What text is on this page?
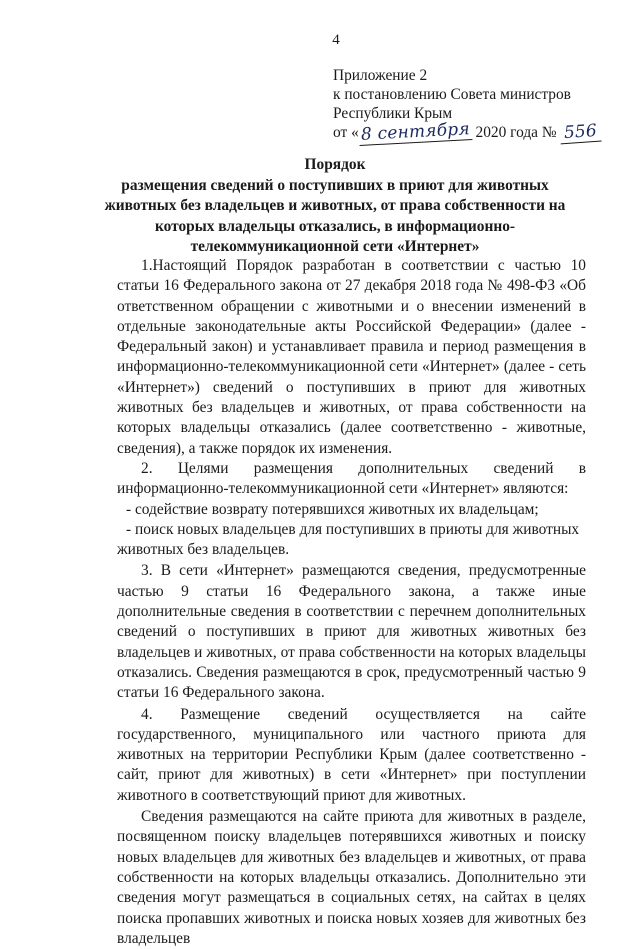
4
Приложение 2
к постановлению Совета министров
Республики Крым
от «8 сентября 2020 года № 556
Порядок
размещения сведений о поступивших в приют для животных
животных без владельцев и животных, от права собственности на
которых владельцы отказались, в информационно-
телекоммуникационной сети «Интернет»

1.Настоящий Порядок разработан в соответствии с частью 10 статьи 16 Федерального закона от 27 декабря 2018 года № 498-ФЗ «Об ответственном обращении с животными и о внесении изменений в отдельные законодательные акты Российской Федерации» (далее - Федеральный закон) и устанавливает правила и период размещения в информационно-телекоммуникационной сети «Интернет» (далее - сеть «Интернет») сведений о поступивших в приют для животных животных без владельцев и животных, от права собственности на которых владельцы отказались (далее соответственно - животные, сведения), а также порядок их изменения.

2. Целями размещения дополнительных сведений в информационно-телекоммуникационной сети «Интернет» являются:

- содействие возврату потерявшихся животных их владельцам;

- поиск новых владельцев для поступивших в приюты для животных животных без владельцев.

3. В сети «Интернет» размещаются сведения, предусмотренные частью 9 статьи 16 Федерального закона, а также иные дополнительные сведения в соответствии с перечнем дополнительных сведений о поступивших в приют для животных животных без владельцев и животных, от права собственности на которых владельцы отказались. Сведения размещаются в срок, предусмотренный частью 9 статьи 16 Федерального закона.

4. Размещение сведений осуществляется на сайте государственного, муниципального или частного приюта для животных на территории Республики Крым (далее соответственно - сайт, приют для животных) в сети «Интернет» при поступлении животного в соответствующий приют для животных.

Сведения размещаются на сайте приюта для животных в разделе, посвященном поиску владельцев потерявшихся животных и поиску новых владельцев для животных без владельцев и животных, от права собственности на которых владельцы отказались. Дополнительно эти сведения могут размещаться в социальных сетях, на сайтах в целях поиска пропавших животных и поиска новых хозяев для животных без владельцев
